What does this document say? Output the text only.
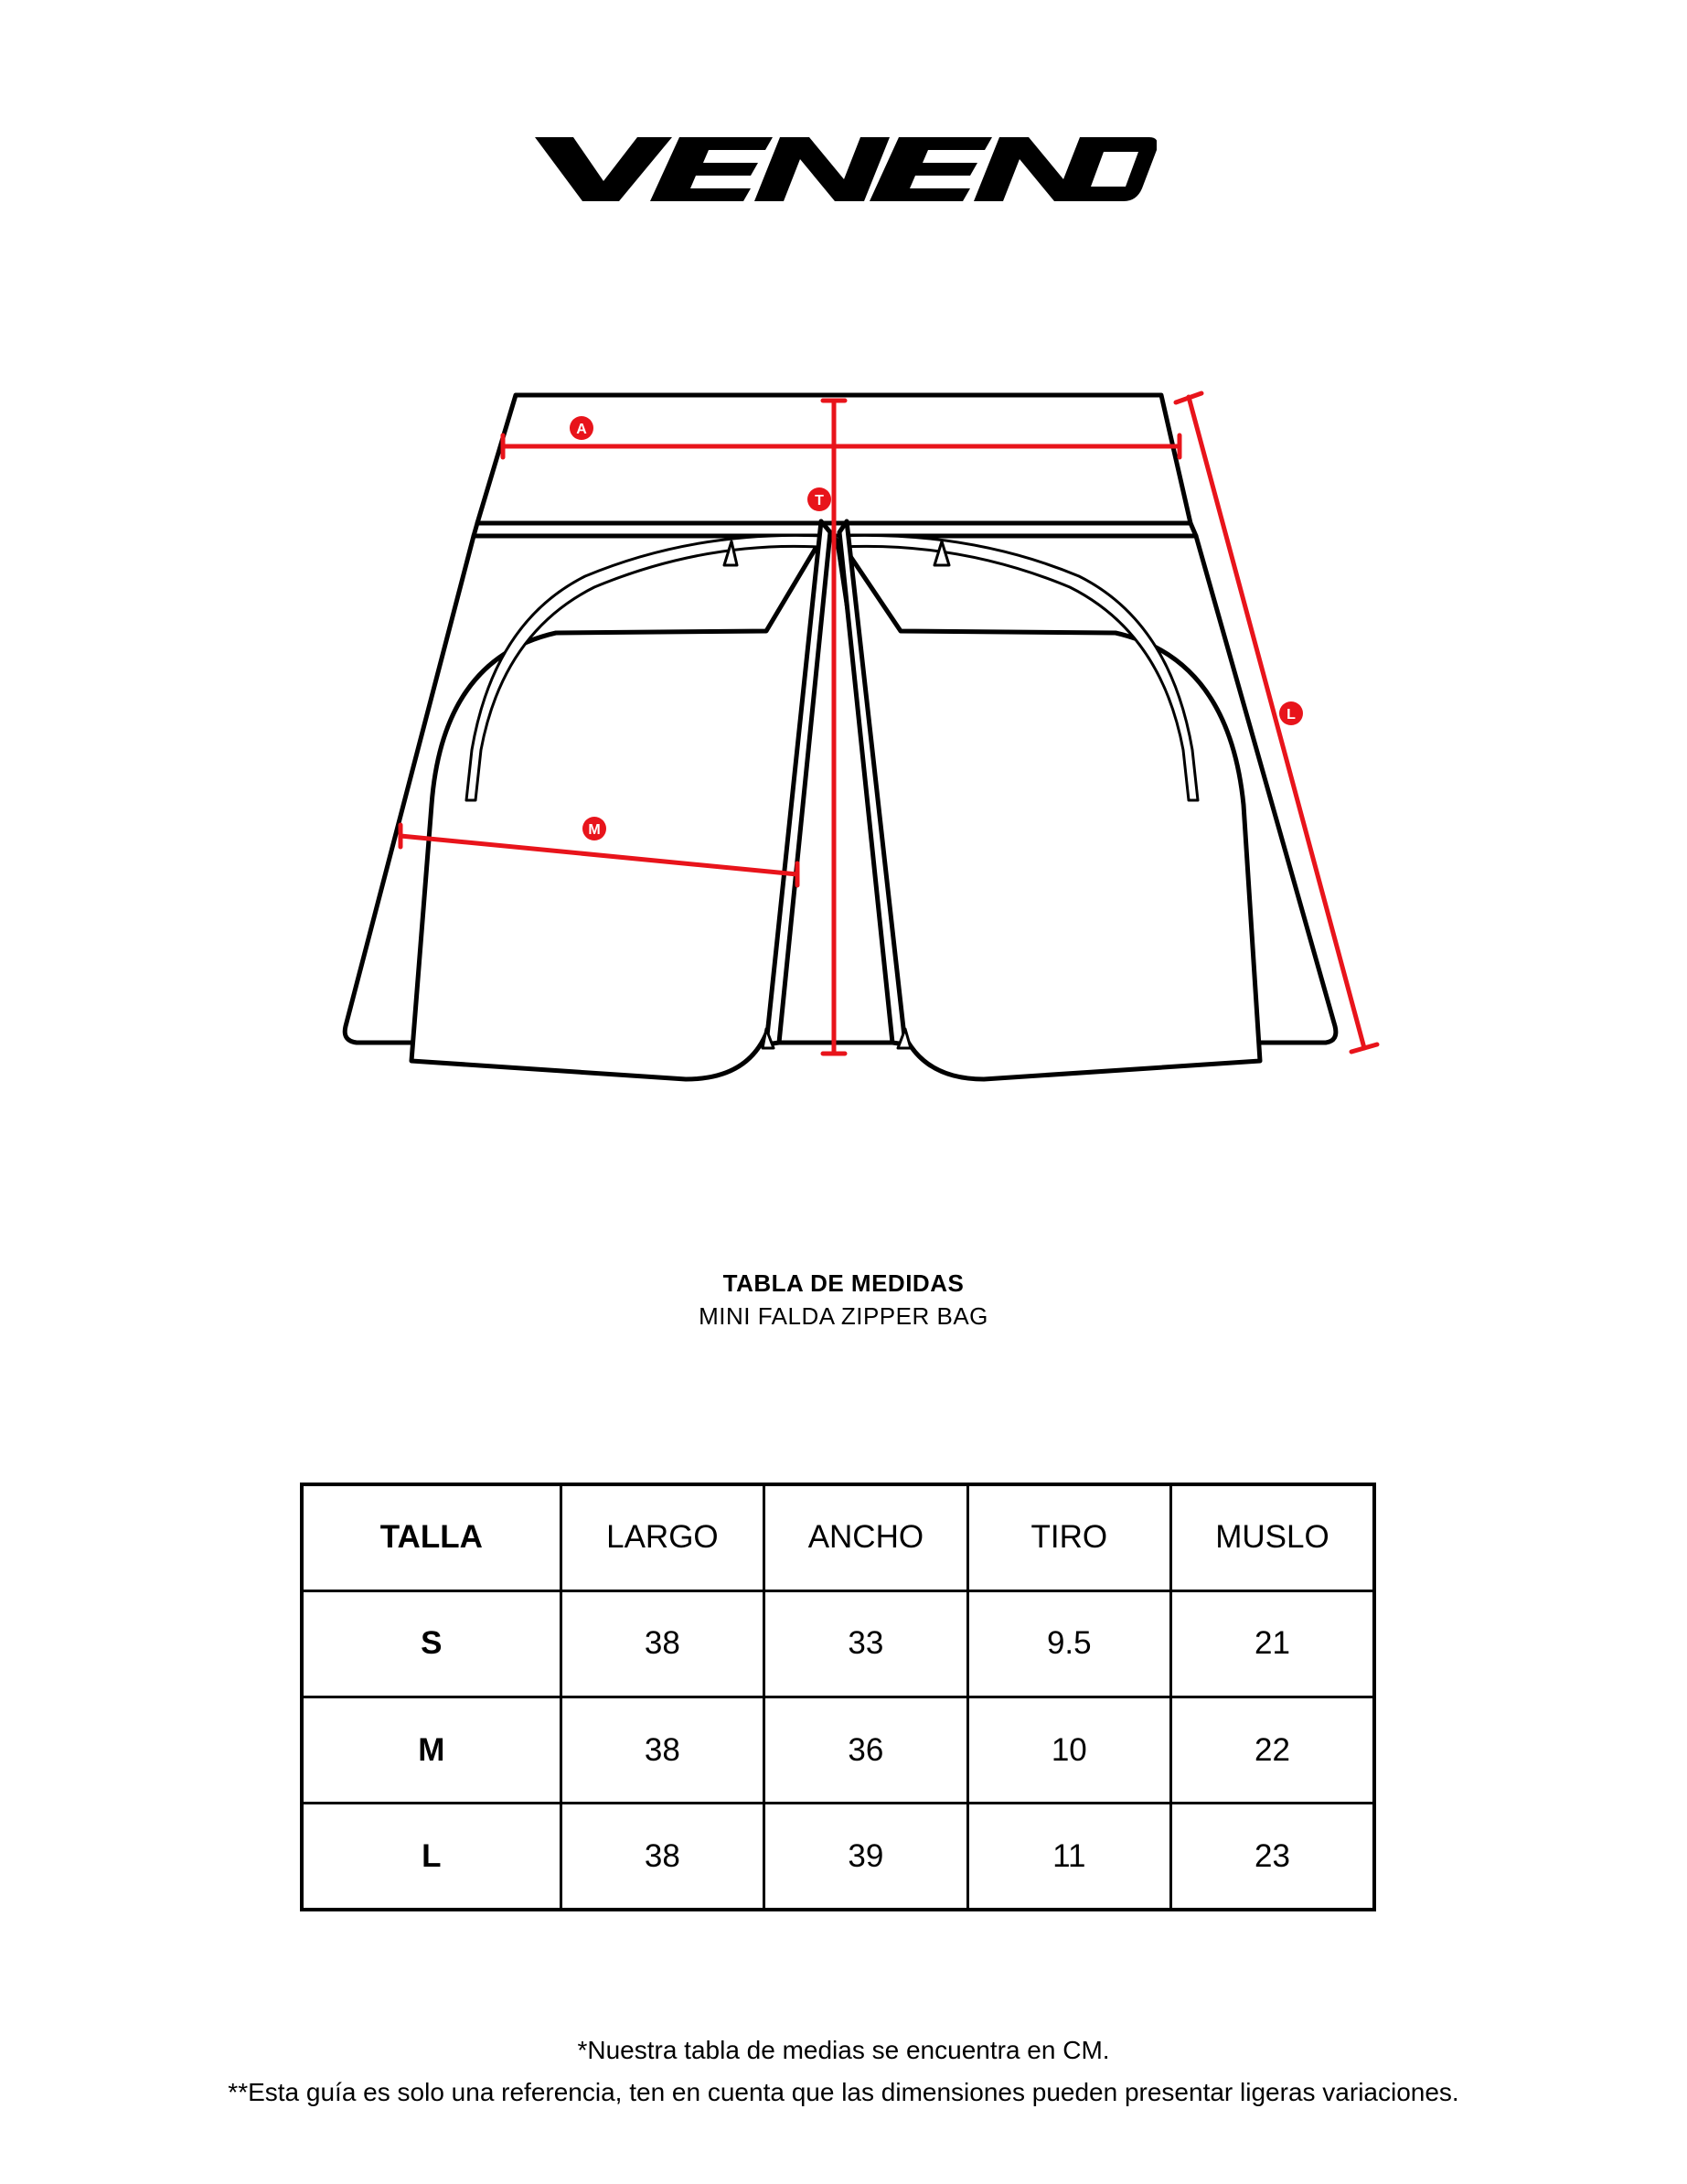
A
T
L
M
TABLA DE MEDIDAS
MINI FALDA ZIPPER BAG
TALLA	LARGO	ANCHO	TIRO	MUSLO
S	38	33	9.5	21
M	38	36	10	22
L	38	39	11	23
*Nuestra tabla de medias se encuentra en CM.
**Esta guía es solo una referencia, ten en cuenta que las dimensiones pueden presentar ligeras variaciones.
